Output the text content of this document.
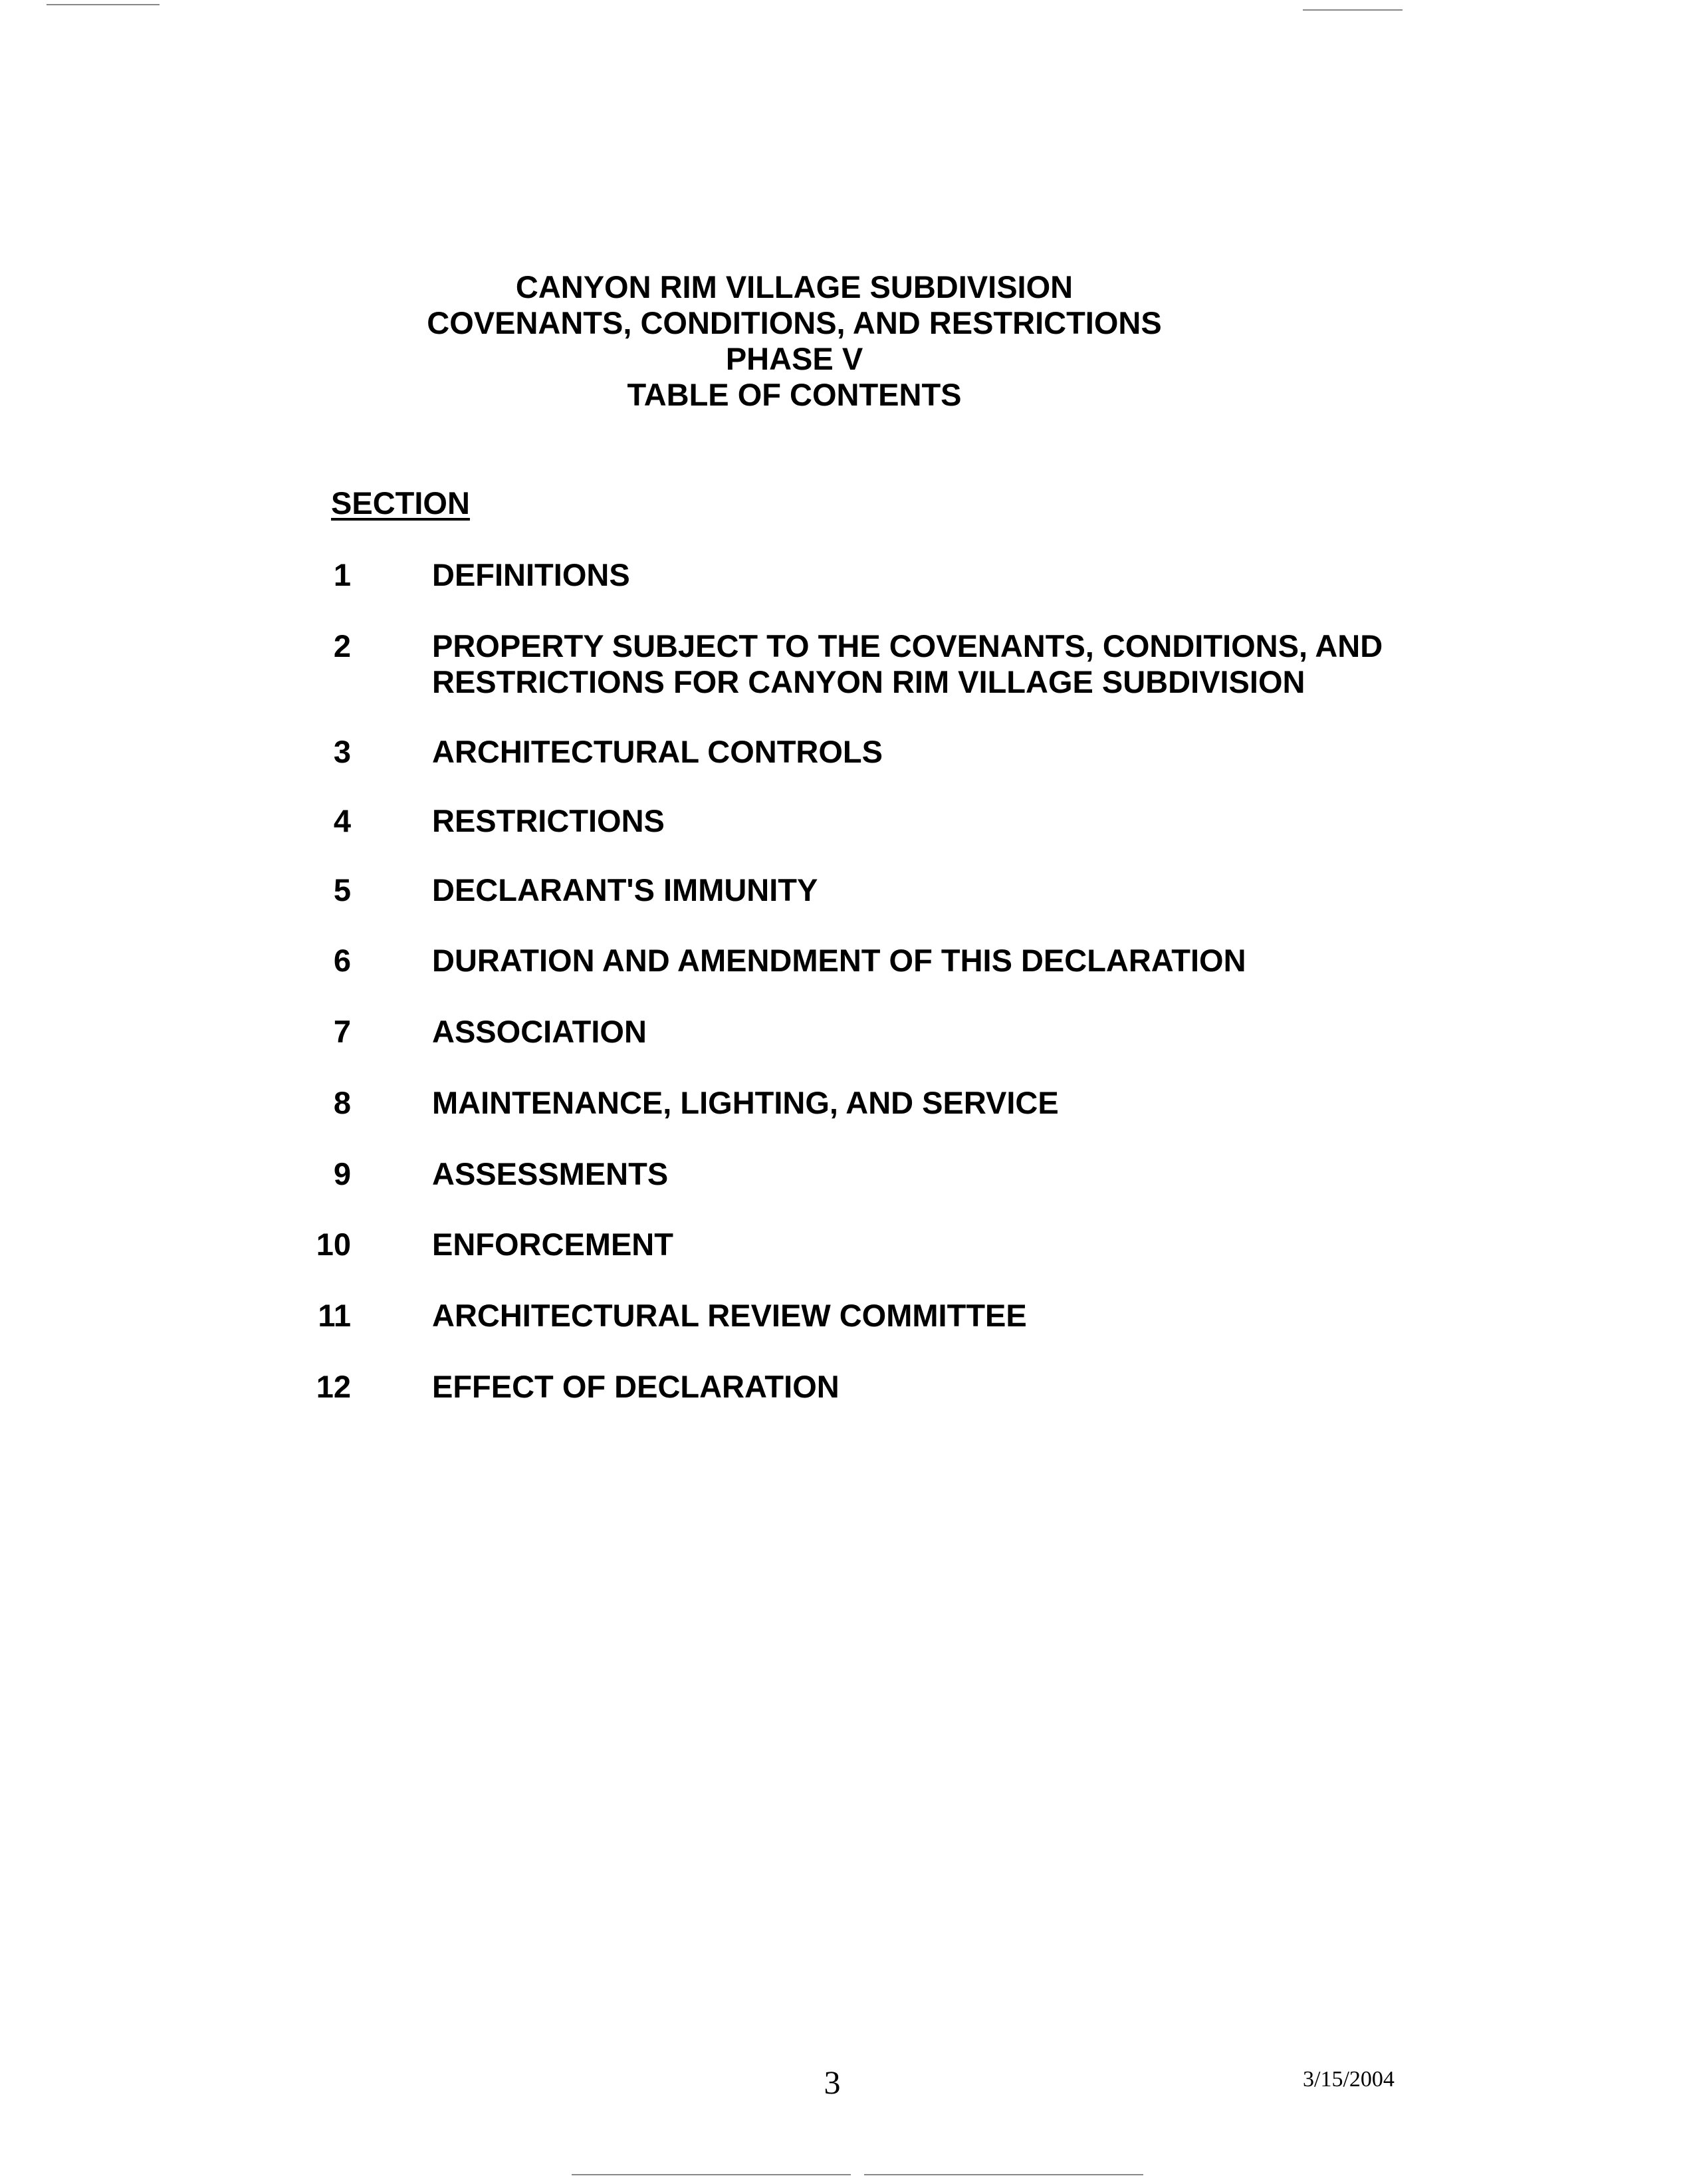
CANYON RIM VILLAGE SUBDIVISION
COVENANTS, CONDITIONS, AND RESTRICTIONS
PHASE V
TABLE OF CONTENTS
SECTION
1	DEFINITIONS
2	PROPERTY SUBJECT TO THE COVENANTS, CONDITIONS, AND RESTRICTIONS FOR CANYON RIM VILLAGE SUBDIVISION
3	ARCHITECTURAL CONTROLS
4	RESTRICTIONS
5	DECLARANT'S IMMUNITY
6	DURATION AND AMENDMENT OF THIS DECLARATION
7	ASSOCIATION
8	MAINTENANCE, LIGHTING, AND SERVICE
9	ASSESSMENTS
10	ENFORCEMENT
11	ARCHITECTURAL REVIEW COMMITTEE
12	EFFECT OF DECLARATION
3	3/15/2004
